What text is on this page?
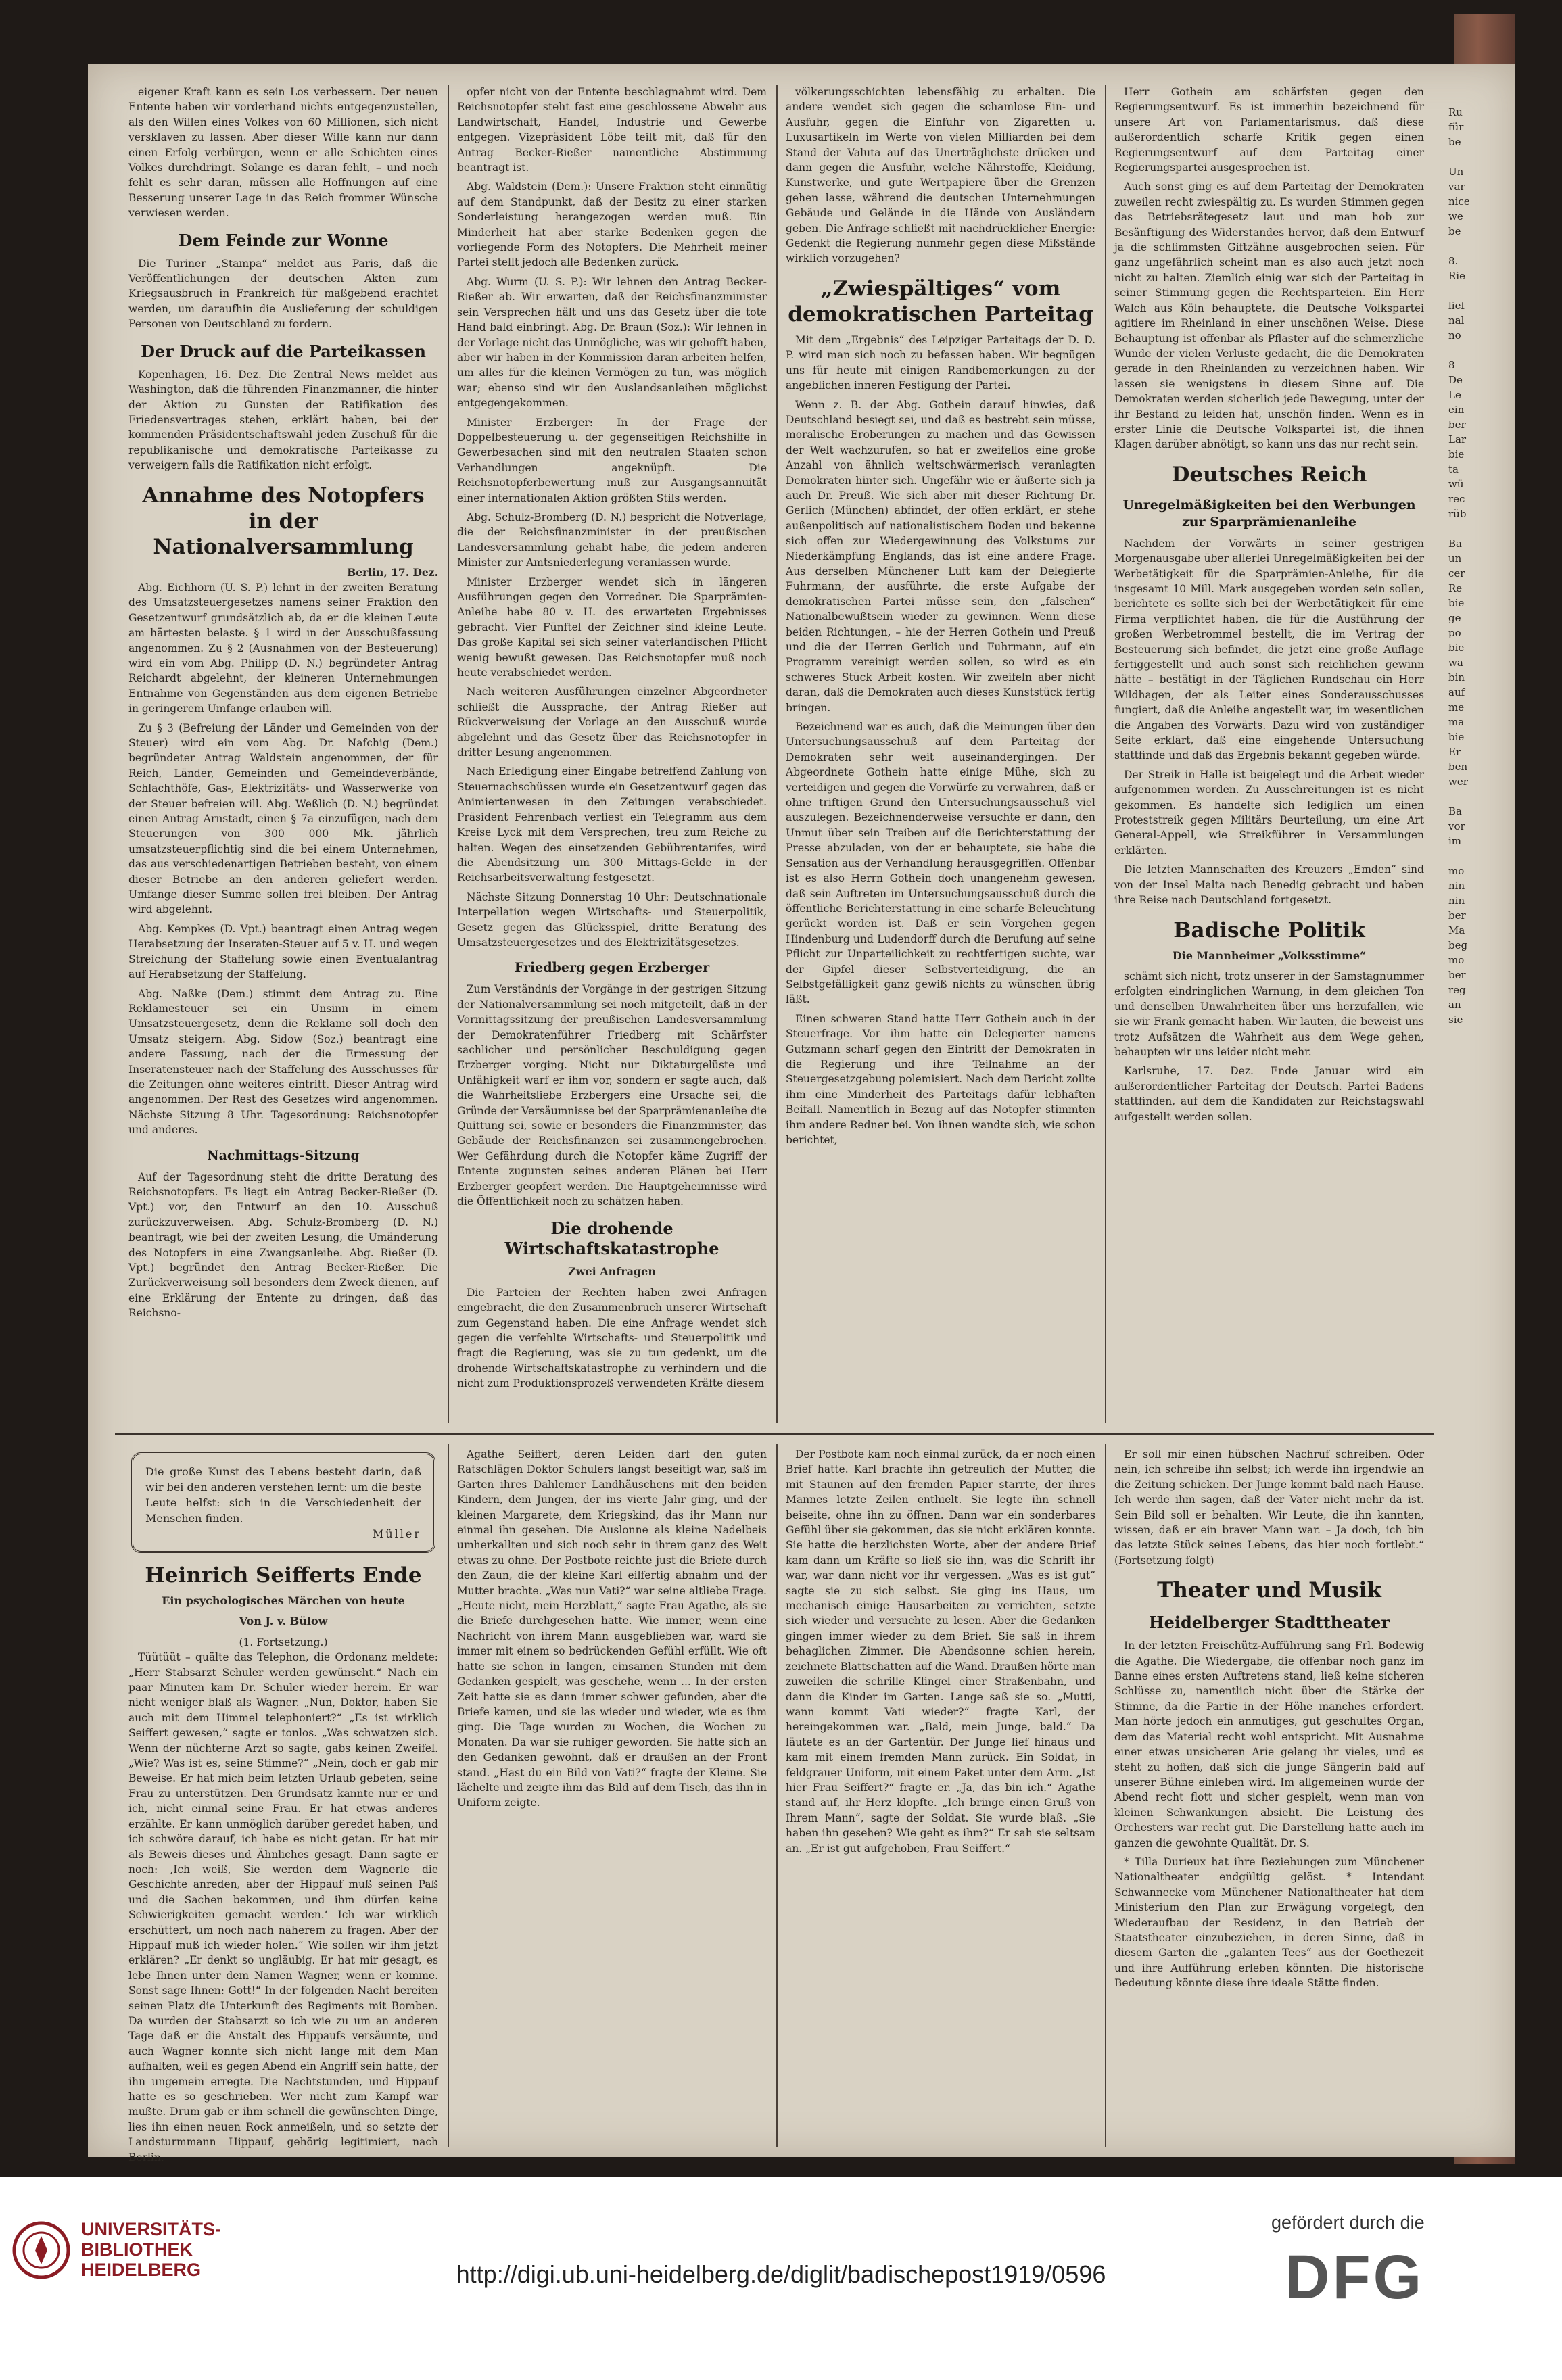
eigener Kraft kann es sein Los verbessern. Der neuen Entente haben wir vorderhand nichts entgegenzustellen, als den Willen eines Volkes von 60 Millionen, sich nicht versklaven zu lassen. Aber dieser Wille kann nur dann einen Erfolg verbürgen, wenn er alle Schichten eines Volkes durchdringt. Solange es daran fehlt, – und noch fehlt es sehr daran, müssen alle Hoffnungen auf eine Besserung unserer Lage in das Reich frommer Wünsche verwiesen werden.

Dem Feinde zur Wonne

Die Turiner „Stampa“ meldet aus Paris, daß die Veröffentlichungen der deutschen Akten zum Kriegsausbruch in Frankreich für maßgebend erachtet werden, um daraufhin die Auslieferung der schuldigen Personen von Deutschland zu fordern.

Der Druck auf die Parteikassen

Kopenhagen, 16. Dez. Die Zentral News meldet aus Washington, daß die führenden Finanzmänner, die hinter der Aktion zu Gunsten der Ratifikation des Friedensvertrages stehen, erklärt haben, bei der kommenden Präsidentschaftswahl jeden Zuschuß für die republikanische und demokratische Parteikasse zu verweigern falls die Ratifikation nicht erfolgt.

Annahme des Notopfers in der Nationalversammlung
Berlin, 17. Dez.

Abg. Eichhorn (U. S. P.) lehnt in der zweiten Beratung des Umsatzsteuergesetzes namens seiner Fraktion den Gesetzentwurf grundsätzlich ab, da er die kleinen Leute am härtesten belaste. § 1 wird in der Ausschußfassung angenommen. Zu § 2 (Ausnahmen von der Besteuerung) wird ein vom Abg. Philipp (D. N.) begründeter Antrag Reichardt abgelehnt, der kleineren Unternehmungen Entnahme von Gegenständen aus dem eigenen Betriebe in geringerem Umfange erlauben will.

Zu § 3 (Befreiung der Länder und Gemeinden von der Steuer) wird ein vom Abg. Dr. Nafchig (Dem.) begründeter Antrag Waldstein angenommen, der für Reich, Länder, Gemeinden und Gemeindeverbände, Schlachthöfe, Gas-, Elektrizitäts- und Wasserwerke von der Steuer befreien will. Abg. Weßlich (D. N.) begründet einen Antrag Arnstadt, einen § 7a einzufügen, nach dem Steuerungen von 300 000 Mk. jährlich umsatzsteuerpflichtig sind die bei einem Unternehmen, das aus verschiedenartigen Betrieben besteht, von einem dieser Betriebe an den anderen geliefert werden. Umfange dieser Summe sollen frei bleiben. Der Antrag wird abgelehnt.

Abg. Kempkes (D. Vpt.) beantragt einen Antrag wegen Herabsetzung der Inseraten-Steuer auf 5 v. H. und wegen Streichung der Staffelung sowie einen Eventualantrag auf Herabsetzung der Staffelung.

Abg. Naßke (Dem.) stimmt dem Antrag zu. Eine Reklamesteuer sei ein Unsinn in einem Umsatzsteuergesetz, denn die Reklame soll doch den Umsatz steigern. Abg. Sidow (Soz.) beantragt eine andere Fassung, nach der die Ermessung der Inseratensteuer nach der Staffelung des Ausschusses für die Zeitungen ohne weiteres eintritt. Dieser Antrag wird angenommen. Der Rest des Gesetzes wird angenommen. Nächste Sitzung 8 Uhr. Tagesordnung: Reichsnotopfer und anderes.

Nachmittags-Sitzung

Auf der Tagesordnung steht die dritte Beratung des Reichsnotopfers. Es liegt ein Antrag Becker-Rießer (D. Vpt.) vor, den Entwurf an den 10. Ausschuß zurückzuverweisen. Abg. Schulz-Bromberg (D. N.) beantragt, wie bei der zweiten Lesung, die Umänderung des Notopfers in eine Zwangsanleihe. Abg. Rießer (D. Vpt.) begründet den Antrag Becker-Rießer. Die Zurückverweisung soll besonders dem Zweck dienen, auf eine Erklärung der Entente zu dringen, daß das Reichsno-

opfer nicht von der Entente beschlagnahmt wird. Dem Reichsnotopfer steht fast eine geschlossene Abwehr aus Landwirtschaft, Handel, Industrie und Gewerbe entgegen. Vizepräsident Löbe teilt mit, daß für den Antrag Becker-Rießer namentliche Abstimmung beantragt ist.

Abg. Waldstein (Dem.): Unsere Fraktion steht einmütig auf dem Standpunkt, daß der Besitz zu einer starken Sonderleistung herangezogen werden muß. Ein Minderheit hat aber starke Bedenken gegen die vorliegende Form des Notopfers. Die Mehrheit meiner Partei stellt jedoch alle Bedenken zurück.

Abg. Wurm (U. S. P.): Wir lehnen den Antrag Becker-Rießer ab. Wir erwarten, daß der Reichsfinanzminister sein Versprechen hält und uns das Gesetz über die tote Hand bald einbringt. Abg. Dr. Braun (Soz.): Wir lehnen in der Vorlage nicht das Unmögliche, was wir gehofft haben, aber wir haben in der Kommission daran arbeiten helfen, um alles für die kleinen Vermögen zu tun, was möglich war; ebenso sind wir den Auslandsanleihen möglichst entgegengekommen.

Minister Erzberger: In der Frage der Doppelbesteuerung u. der gegenseitigen Reichshilfe in Gewerbesachen sind mit den neutralen Staaten schon Verhandlungen angeknüpft. Die Reichsnotopferbewertung muß zur Ausgangsannuität einer internationalen Aktion größten Stils werden.

Abg. Schulz-Bromberg (D. N.) bespricht die Notverlage, die der Reichsfinanzminister in der preußischen Landesversammlung gehabt habe, die jedem anderen Minister zur Amtsniederlegung veranlassen würde.

Minister Erzberger wendet sich in längeren Ausführungen gegen den Vorredner. Die Sparprämien-Anleihe habe 80 v. H. des erwarteten Ergebnisses gebracht. Vier Fünftel der Zeichner sind kleine Leute. Das große Kapital sei sich seiner vaterländischen Pflicht wenig bewußt gewesen. Das Reichsnotopfer muß noch heute verabschiedet werden.

Nach weiteren Ausführungen einzelner Abgeordneter schließt die Aussprache, der Antrag Rießer auf Rückverweisung der Vorlage an den Ausschuß wurde abgelehnt und das Gesetz über das Reichsnotopfer in dritter Lesung angenommen.

Nach Erledigung einer Eingabe betreffend Zahlung von Steuernachschüssen wurde ein Gesetzentwurf gegen das Animiertenwesen in den Zeitungen verabschiedet. Präsident Fehrenbach verliest ein Telegramm aus dem Kreise Lyck mit dem Versprechen, treu zum Reiche zu halten. Wegen des einsetzenden Gebührentarifes, wird die Abendsitzung um 300 Mittags-Gelde in der Reichsarbeitsverwaltung festgesetzt.

Nächste Sitzung Donnerstag 10 Uhr: Deutschnationale Interpellation wegen Wirtschafts- und Steuerpolitik, Gesetz gegen das Glücksspiel, dritte Beratung des Umsatzsteuergesetzes und des Elektrizitätsgesetzes.

Friedberg gegen Erzberger

Zum Verständnis der Vorgänge in der gestrigen Sitzung der Nationalversammlung sei noch mitgeteilt, daß in der Vormittagssitzung der preußischen Landesversammlung der Demokratenführer Friedberg mit Schärfster sachlicher und persönlicher Beschuldigung gegen Erzberger vorging. Nicht nur Diktaturgelüste und Unfähigkeit warf er ihm vor, sondern er sagte auch, daß die Wahrheitsliebe Erzbergers eine Ursache sei, die Gründe der Versäumnisse bei der Sparprämienanleihe die Quittung sei, sowie er besonders die Finanzminister, das Gebäude der Reichsfinanzen sei zusammengebrochen. Wer Gefährdung durch die Notopfer käme Zugriff der Entente zugunsten seines anderen Plänen bei Herr Erzberger geopfert werden. Die Hauptgeheimnisse wird die Öffentlichkeit noch zu schätzen haben.

Die drohende Wirtschaftskatastrophe
Zwei Anfragen

Die Parteien der Rechten haben zwei Anfragen eingebracht, die den Zusammenbruch unserer Wirtschaft zum Gegenstand haben. Die eine Anfrage wendet sich gegen die verfehlte Wirtschafts- und Steuerpolitik und fragt die Regierung, was sie zu tun gedenkt, um die drohende Wirtschaftskatastrophe zu verhindern und die nicht zum Produktionsprozeß verwendeten Kräfte diesem

völkerungsschichten lebensfähig zu erhalten. Die andere wendet sich gegen die schamlose Ein- und Ausfuhr, gegen die Einfuhr von Zigaretten u. Luxusartikeln im Werte von vielen Milliarden bei dem Stand der Valuta auf das Unerträglichste drücken und dann gegen die Ausfuhr, welche Nährstoffe, Kleidung, Kunstwerke, und gute Wertpapiere über die Grenzen gehen lasse, während die deutschen Unternehmungen Gebäude und Gelände in die Hände von Ausländern geben. Die Anfrage schließt mit nachdrücklicher Energie: Gedenkt die Regierung nunmehr gegen diese Mißstände wirklich vorzugehen?

„Zwiespältiges“ vom demokratischen Parteitag

Mit dem „Ergebnis“ des Leipziger Parteitags der D. D. P. wird man sich noch zu befassen haben. Wir begnügen uns für heute mit einigen Randbemerkungen zu der angeblichen inneren Festigung der Partei.

Wenn z. B. der Abg. Gothein darauf hinwies, daß Deutschland besiegt sei, und daß es bestrebt sein müsse, moralische Eroberungen zu machen und das Gewissen der Welt wachzurufen, so hat er zweifellos eine große Anzahl von ähnlich weltschwärmerisch veranlagten Demokraten hinter sich. Ungefähr wie er äußerte sich ja auch Dr. Preuß. Wie sich aber mit dieser Richtung Dr. Gerlich (München) abfindet, der offen erklärt, er stehe außenpolitisch auf nationalistischem Boden und bekenne sich offen zur Wiedergewinnung des Volkstums zur Niederkämpfung Englands, das ist eine andere Frage. Aus derselben Münchener Luft kam der Delegierte Fuhrmann, der ausführte, die erste Aufgabe der demokratischen Partei müsse sein, den „falschen“ Nationalbewußtsein wieder zu gewinnen. Wenn diese beiden Richtungen, – hie der Herren Gothein und Preuß und die der Herren Gerlich und Fuhrmann, auf ein Programm vereinigt werden sollen, so wird es ein schweres Stück Arbeit kosten. Wir zweifeln aber nicht daran, daß die Demokraten auch dieses Kunststück fertig bringen.

Bezeichnend war es auch, daß die Meinungen über den Untersuchungsausschuß auf dem Parteitag der Demokraten sehr weit auseinandergingen. Der Abgeordnete Gothein hatte einige Mühe, sich zu verteidigen und gegen die Vorwürfe zu verwahren, daß er ohne triftigen Grund den Untersuchungsausschuß viel auszulegen. Bezeichnenderweise versuchte er dann, den Unmut über sein Treiben auf die Berichterstattung der Presse abzuladen, von der er behauptete, sie habe die Sensation aus der Verhandlung herausgegriffen. Offenbar ist es also Herrn Gothein doch unangenehm gewesen, daß sein Auftreten im Untersuchungsausschuß durch die öffentliche Berichterstattung in eine scharfe Beleuchtung gerückt worden ist. Daß er sein Vorgehen gegen Hindenburg und Ludendorff durch die Berufung auf seine Pflicht zur Unparteilichkeit zu rechtfertigen suchte, war der Gipfel dieser Selbstverteidigung, die an Selbstgefälligkeit ganz gewiß nichts zu wünschen übrig läßt.

Einen schweren Stand hatte Herr Gothein auch in der Steuerfrage. Vor ihm hatte ein Delegierter namens Gutzmann scharf gegen den Eintritt der Demokraten in die Regierung und ihre Teilnahme an der Steuergesetzgebung polemisiert. Nach dem Bericht zollte ihm eine Minderheit des Parteitags dafür lebhaften Beifall. Namentlich in Bezug auf das Notopfer stimmten ihm andere Redner bei. Von ihnen wandte sich, wie schon berichtet,

Herr Gothein am schärfsten gegen den Regierungsentwurf. Es ist immerhin bezeichnend für unsere Art von Parlamentarismus, daß diese außerordentlich scharfe Kritik gegen einen Regierungsentwurf auf dem Parteitag einer Regierungspartei ausgesprochen ist.

Auch sonst ging es auf dem Parteitag der Demokraten zuweilen recht zwiespältig zu. Es wurden Stimmen gegen das Betriebsrätegesetz laut und man hob zur Besänftigung des Widerstandes hervor, daß dem Entwurf ja die schlimmsten Giftzähne ausgebrochen seien. Für ganz ungefährlich scheint man es also auch jetzt noch nicht zu halten. Ziemlich einig war sich der Parteitag in seiner Stimmung gegen die Rechtsparteien. Ein Herr Walch aus Köln behauptete, die Deutsche Volkspartei agitiere im Rheinland in einer unschönen Weise. Diese Behauptung ist offenbar als Pflaster auf die schmerzliche Wunde der vielen Verluste gedacht, die die Demokraten gerade in den Rheinlanden zu verzeichnen haben. Wir lassen sie wenigstens in diesem Sinne auf. Die Demokraten werden sicherlich jede Bewegung, unter der ihr Bestand zu leiden hat, unschön finden. Wenn es in erster Linie die Deutsche Volkspartei ist, die ihnen Klagen darüber abnötigt, so kann uns das nur recht sein.

Deutsches Reich
Unregelmäßigkeiten bei den Werbungen zur Sparprämienanleihe

Nachdem der Vorwärts in seiner gestrigen Morgenausgabe über allerlei Unregelmäßigkeiten bei der Werbetätigkeit für die Sparprämien-Anleihe, für die insgesamt 10 Mill. Mark ausgegeben worden sein sollen, berichtete es sollte sich bei der Werbetätigkeit für eine Firma verpflichtet haben, die für die Ausführung der großen Werbetrommel bestellt, die im Vertrag der Besteuerung sich befindet, die jetzt eine große Auflage fertiggestellt und auch sonst sich reichlichen gewinn hätte – bestätigt in der Täglichen Rundschau ein Herr Wildhagen, der als Leiter eines Sonderausschusses fungiert, daß die Anleihe angestellt war, im wesentlichen die Angaben des Vorwärts. Dazu wird von zuständiger Seite erklärt, daß eine eingehende Untersuchung stattfinde und daß das Ergebnis bekannt gegeben würde.

Der Streik in Halle ist beigelegt und die Arbeit wieder aufgenommen worden. Zu Ausschreitungen ist es nicht gekommen. Es handelte sich lediglich um einen Proteststreik gegen Militärs Beurteilung, um eine Art General-Appell, wie Streikführer in Versammlungen erklärten.

Die letzten Mannschaften des Kreuzers „Emden“ sind von der Insel Malta nach Benedig gebracht und haben ihre Reise nach Deutschland fortgesetzt.

Badische Politik
Die Mannheimer „Volksstimme“

schämt sich nicht, trotz unserer in der Samstagnummer erfolgten eindringlichen Warnung, in dem gleichen Ton und denselben Unwahrheiten über uns herzufallen, wie sie wir Frank gemacht haben. Wir lauten, die beweist uns trotz Aufsätzen die Wahrheit aus dem Wege gehen, behaupten wir uns leider nicht mehr.

Karlsruhe, 17. Dez. Ende Januar wird ein außerordentlicher Parteitag der Deutsch. Partei Badens stattfinden, auf dem die Kandidaten zur Reichstagswahl aufgestellt werden sollen.

Die große Kunst des Lebens besteht darin, daß wir bei den anderen verstehen lernt: um die beste Leute helfst: sich in die Verschiedenheit der Menschen finden.
Müller
Heinrich Seifferts Ende
Ein psychologisches Märchen von heute
Von J. v. Bülow
(1. Fortsetzung.)

Tüütüüt – quälte das Telephon, die Ordonanz meldete: „Herr Stabsarzt Schuler werden gewünscht.“ Nach ein paar Minuten kam Dr. Schuler wieder herein. Er war nicht weniger blaß als Wagner. „Nun, Doktor, haben Sie auch mit dem Himmel telephoniert?“ „Es ist wirklich Seiffert gewesen,“ sagte er tonlos. „Was schwatzen sich. Wenn der nüchterne Arzt so sagte, gabs keinen Zweifel. „Wie? Was ist es, seine Stimme?“ „Nein, doch er gab mir Beweise. Er hat mich beim letzten Urlaub gebeten, seine Frau zu unterstützen. Den Grundsatz kannte nur er und ich, nicht einmal seine Frau. Er hat etwas anderes erzählte. Er kann unmöglich darüber geredet haben, und ich schwöre darauf, ich habe es nicht getan. Er hat mir als Beweis dieses und Ähnliches gesagt. Dann sagte er noch: ‚Ich weiß, Sie werden dem Wagnerle die Geschichte anreden, aber der Hippauf muß seinen Paß und die Sachen bekommen, und ihm dürfen keine Schwierigkeiten gemacht werden.‘ Ich war wirklich erschüttert, um noch nach näherem zu fragen. Aber der Hippauf muß ich wieder holen.“ Wie sollen wir ihm jetzt erklären? „Er denkt so ungläubig. Er hat mir gesagt, es lebe Ihnen unter dem Namen Wagner, wenn er komme. Sonst sage Ihnen: Gott!“ In der folgenden Nacht bereiten seinen Platz die Unterkunft des Regiments mit Bomben. Da wurden der Stabsarzt so ich wie zu um an anderen Tage daß er die Anstalt des Hippaufs versäumte, und auch Wagner konnte sich nicht lange mit dem Man aufhalten, weil es gegen Abend ein Angriff sein hatte, der ihn ungemein erregte. Die Nachtstunden, und Hippauf hatte es so geschrieben. Wer nicht zum Kampf war mußte. Drum gab er ihm schnell die gewünschten Dinge, lies ihn einen neuen Rock anmeißeln, und so setzte der Landsturmmann Hippauf, gehörig legitimiert, nach Berlin.

Agathe Seiffert, deren Leiden darf den guten Ratschlägen Doktor Schulers längst beseitigt war, saß im Garten ihres Dahlemer Landhäuschens mit den beiden Kindern, dem Jungen, der ins vierte Jahr ging, und der kleinen Margarete, dem Kriegskind, das ihr Mann nur einmal ihn gesehen. Die Auslonne als kleine Nadelbeis umherkallten und sich noch sehr in ihrem ganz des Weit etwas zu ohne. Der Postbote reichte just die Briefe durch den Zaun, die der kleine Karl eilfertig abnahm und der Mutter brachte. „Was nun Vati?“ war seine altliebe Frage. „Heute nicht, mein Herzblatt,“ sagte Frau Agathe, als sie die Briefe durchgesehen hatte. Wie immer, wenn eine Nachricht von ihrem Mann ausgeblieben war, ward sie immer mit einem so bedrückenden Gefühl erfüllt. Wie oft hatte sie schon in langen, einsamen Stunden mit dem Gedanken gespielt, was geschehe, wenn ... In der ersten Zeit hatte sie es dann immer schwer gefunden, aber die Briefe kamen, und sie las wieder und wieder, wie es ihm ging. Die Tage wurden zu Wochen, die Wochen zu Monaten. Da war sie ruhiger geworden. Sie hatte sich an den Gedanken gewöhnt, daß er draußen an der Front stand. „Hast du ein Bild von Vati?“ fragte der Kleine. Sie lächelte und zeigte ihm das Bild auf dem Tisch, das ihn in Uniform zeigte.

Der Postbote kam noch einmal zurück, da er noch einen Brief hatte. Karl brachte ihn getreulich der Mutter, die mit Staunen auf den fremden Papier starrte, der ihres Mannes letzte Zeilen enthielt. Sie legte ihn schnell beiseite, ohne ihn zu öffnen. Dann war ein sonderbares Gefühl über sie gekommen, das sie nicht erklären konnte. Sie hatte die herzlichsten Worte, aber der andere Brief kam dann um Kräfte so ließ sie ihn, was die Schrift ihr war, war dann nicht vor ihr vergessen. „Was es ist gut“ sagte sie zu sich selbst. Sie ging ins Haus, um mechanisch einige Hausarbeiten zu verrichten, setzte sich wieder und versuchte zu lesen. Aber die Gedanken gingen immer wieder zu dem Brief. Sie saß in ihrem behaglichen Zimmer. Die Abendsonne schien herein, zeichnete Blattschatten auf die Wand. Draußen hörte man zuweilen die schrille Klingel einer Straßenbahn, und dann die Kinder im Garten. Lange saß sie so. „Mutti, wann kommt Vati wieder?“ fragte Karl, der hereingekommen war. „Bald, mein Junge, bald.“ Da läutete es an der Gartentür. Der Junge lief hinaus und kam mit einem fremden Mann zurück. Ein Soldat, in feldgrauer Uniform, mit einem Paket unter dem Arm. „Ist hier Frau Seiffert?“ fragte er. „Ja, das bin ich.“ Agathe stand auf, ihr Herz klopfte. „Ich bringe einen Gruß von Ihrem Mann“, sagte der Soldat. Sie wurde blaß. „Sie haben ihn gesehen? Wie geht es ihm?“ Er sah sie seltsam an. „Er ist gut aufgehoben, Frau Seiffert.“

Er soll mir einen hübschen Nachruf schreiben. Oder nein, ich schreibe ihn selbst; ich werde ihn irgendwie an die Zeitung schicken. Der Junge kommt bald nach Hause. Ich werde ihm sagen, daß der Vater nicht mehr da ist. Sein Bild soll er behalten. Wir Leute, die ihn kannten, wissen, daß er ein braver Mann war. – Ja doch, ich bin das letzte Stück seines Lebens, das hier noch fortlebt.“ (Fortsetzung folgt)

Theater und Musik
Heidelberger Stadttheater

In der letzten Freischütz-Aufführung sang Frl. Bodewig die Agathe. Die Wiedergabe, die offenbar noch ganz im Banne eines ersten Auftretens stand, ließ keine sicheren Schlüsse zu, namentlich nicht über die Stärke der Stimme, da die Partie in der Höhe manches erfordert. Man hörte jedoch ein anmutiges, gut geschultes Organ, dem das Material recht wohl entspricht. Mit Ausnahme einer etwas unsicheren Arie gelang ihr vieles, und es steht zu hoffen, daß sich die junge Sängerin bald auf unserer Bühne einleben wird. Im allgemeinen wurde der Abend recht flott und sicher gespielt, wenn man von kleinen Schwankungen absieht. Die Leistung des Orchesters war recht gut. Die Darstellung hatte auch im ganzen die gewohnte Qualität. Dr. S.

* Tilla Durieux hat ihre Beziehungen zum Münchener Nationaltheater endgültig gelöst. * Intendant Schwannecke vom Münchener Nationaltheater hat dem Ministerium den Plan zur Erwägung vorgelegt, den Wiederaufbau der Residenz, in den Betrieb der Staatstheater einzubeziehen, in deren Sinne, daß in diesem Garten die „galanten Tees“ aus der Goethezeit und ihre Aufführung erleben könnten. Die historische Bedeutung könnte diese ihre ideale Stätte finden.

Ru
für
be

Un
var
nice
we
be

8.
Rie

lief
nal
no

8
De
Le
ein
ber
Lar
bie
ta
wü
rec
rüb

Ba
un
cer
Re
bie
ge
po
bie
wa
bin
auf
me
ma
bie
Er
ben
wer

Ba
vor
im

mo
nin
nin
ber
Ma
beg
mo
ber
reg
an
sie
UNIVERSITÄTS-
BIBLIOTHEK
HEIDELBERG	http://digi.ub.uni-heidelberg.de/diglit/badischepost1919/0596
gefördert durch die
DFG
